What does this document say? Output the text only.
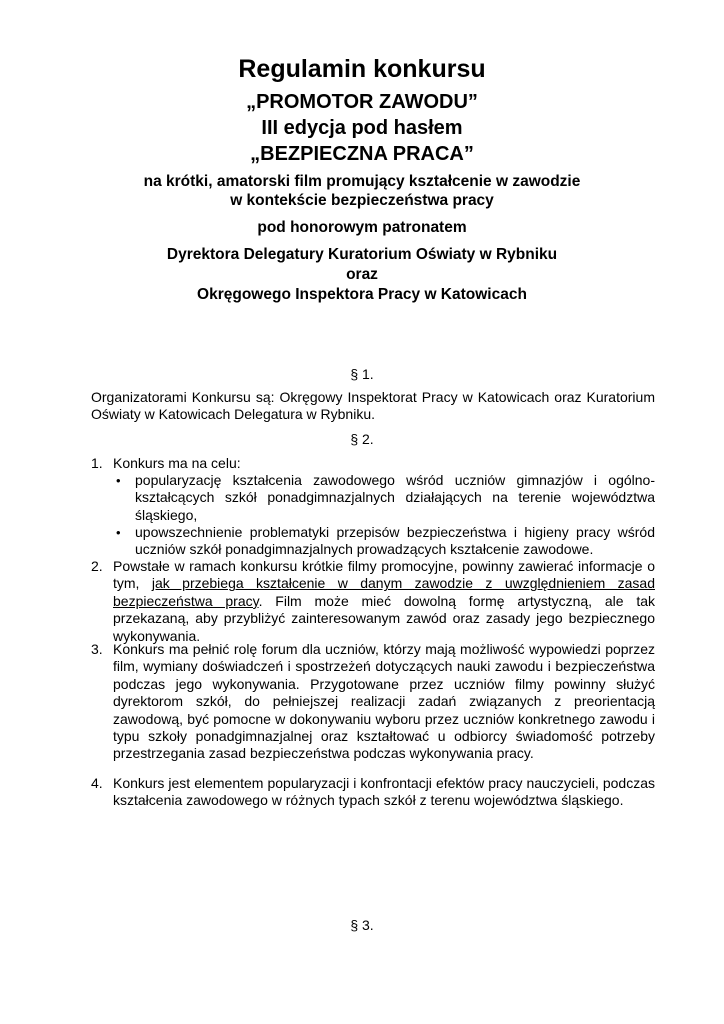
Regulamin konkursu
„PROMOTOR ZAWODU”
III edycja pod hasłem
„BEZPIECZNA PRACA”
na krótki, amatorski film promujący kształcenie w zawodzie
w kontekście bezpieczeństwa pracy
pod honorowym patronatem
Dyrektora Delegatury Kuratorium Oświaty w Rybniku
oraz
Okręgowego Inspektora Pracy w Katowicach
§ 1.
Organizatorami Konkursu są: Okręgowy Inspektorat Pracy w Katowicach oraz Kuratorium Oświaty w Katowicach Delegatura w Rybniku.
§ 2.
1. Konkurs ma na celu:
• popularyzację kształcenia zawodowego wśród uczniów gimnazjów i ogólno-kształcących szkół ponadgimnazjalnych działających na terenie województwa śląskiego,
• upowszechnienie problematyki przepisów bezpieczeństwa i higieny pracy wśród uczniów szkół ponadgimnazjalnych prowadzących kształcenie zawodowe.
2. Powstałe w ramach konkursu krótkie filmy promocyjne, powinny zawierać informacje o tym, jak przebiega kształcenie w danym zawodzie z uwzględnieniem zasad bezpieczeństwa pracy. Film może mieć dowolną formę artystyczną, ale tak przekazaną, aby przybliżyć zainteresowanym zawód oraz zasady jego bezpiecznego wykonywania.
3. Konkurs ma pełnić rolę forum dla uczniów, którzy mają możliwość wypowiedzi poprzez film, wymiany doświadczeń i spostrzeżeń dotyczących nauki zawodu i bezpieczeństwa podczas jego wykonywania. Przygotowane przez uczniów filmy powinny służyć dyrektorom szkół, do pełniejszej realizacji zadań związanych z preorientacją zawodową, być pomocne w dokonywaniu wyboru przez uczniów konkretnego zawodu i typu szkoły ponadgimnazjalnej oraz kształtować u odbiorcy świadomość potrzeby przestrzegania zasad bezpieczeństwa podczas wykonywania pracy.
4. Konkurs jest elementem popularyzacji i konfrontacji efektów pracy nauczycieli, podczas kształcenia zawodowego w różnych typach szkół z terenu województwa śląskiego.
§ 3.
